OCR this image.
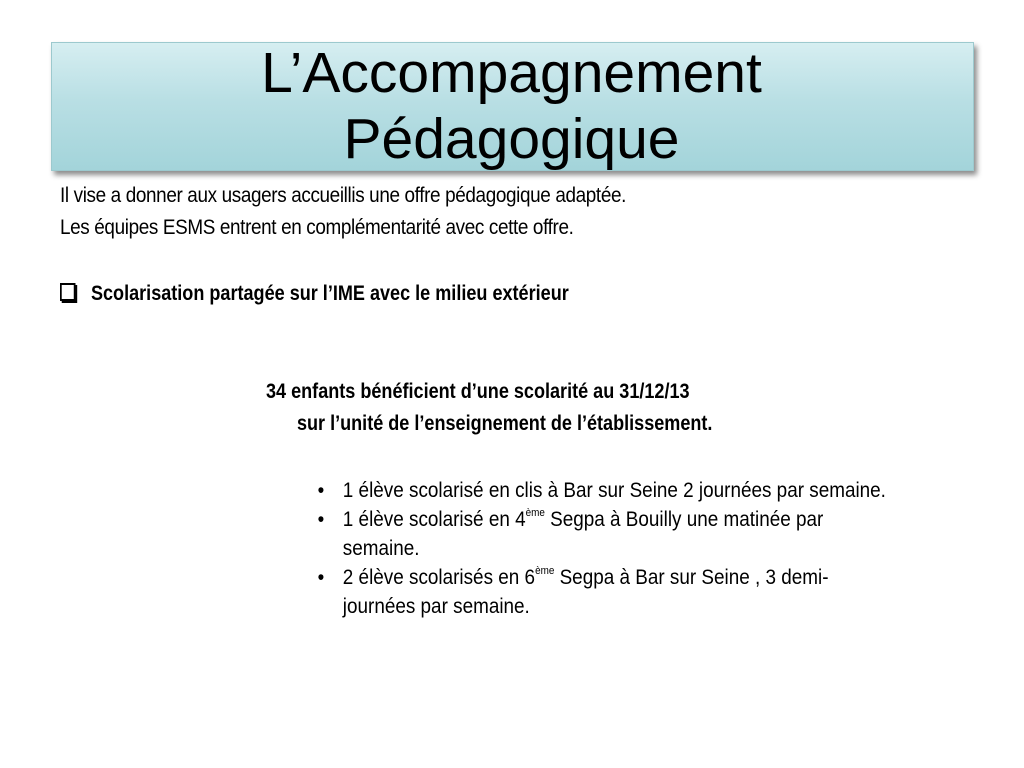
L’Accompagnement
Pédagogique

Il vise a donner aux usagers accueillis une offre pédagogique adaptée.

Les équipes ESMS entrent en complémentarité avec cette offre.

Scolarisation partagée sur l’IME avec le milieu extérieur

34 enfants bénéficient d’une scolarité au 31/12/13

sur l’unité de l’enseignement de l’établissement.

• 1 élève scolarisé en clis à Bar sur Seine 2 journées par semaine.
• 1 élève scolarisé en 4ème Segpa à Bouilly une matinée par semaine.
• 2 élève scolarisés en 6ème Segpa à Bar sur Seine , 3 demi-journées par semaine.
